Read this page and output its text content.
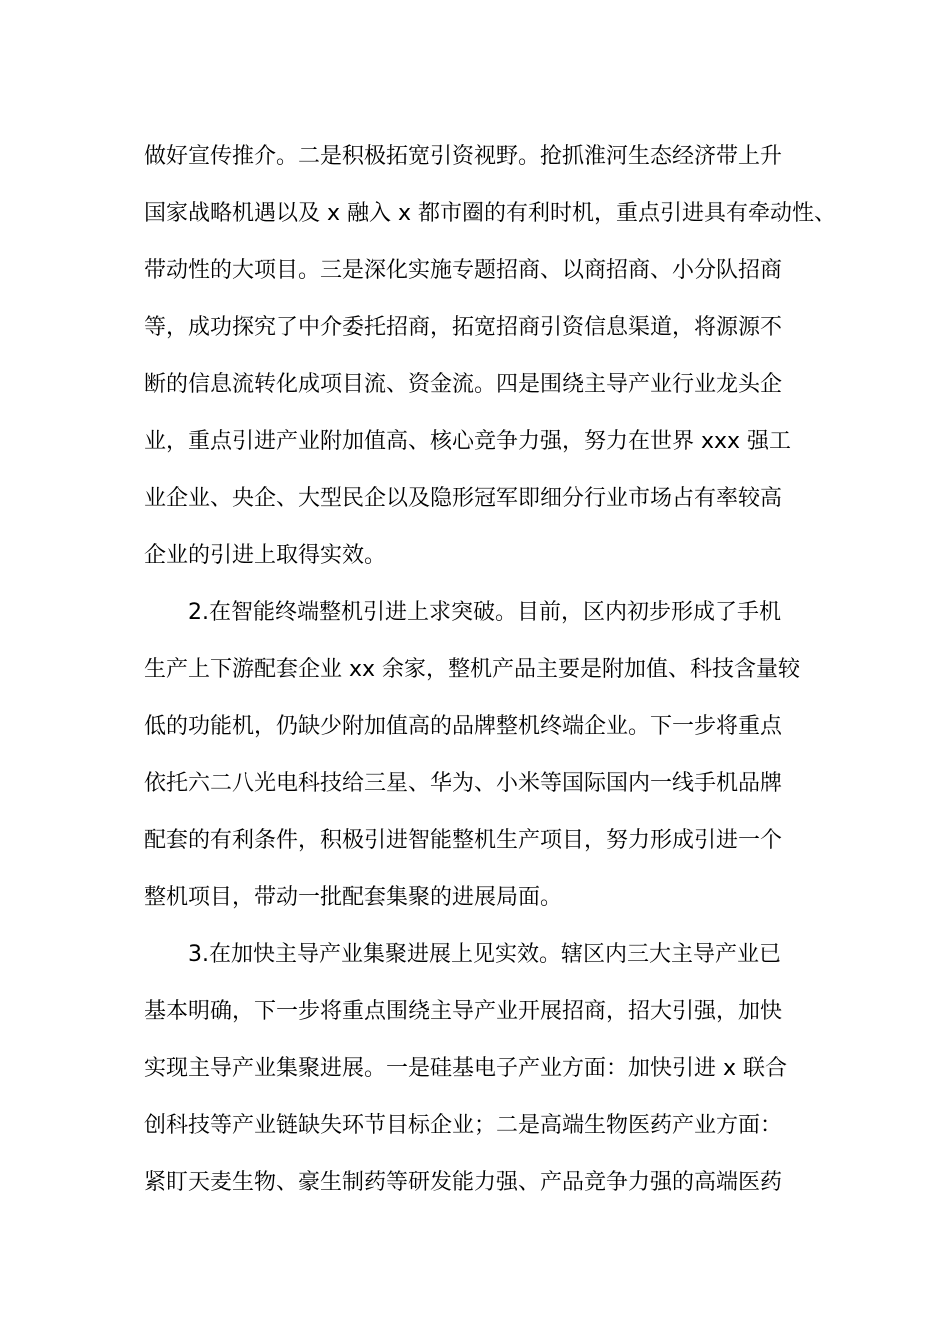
做好宣传推介。二是积极拓宽引资视野。抢抓淮河生态经济带上升
国家战略机遇以及 x 融入 x 都市圈的有利时机，重点引进具有牵动性、
带动性的大项目。三是深化实施专题招商、以商招商、小分队招商
等，成功探究了中介委托招商，拓宽招商引资信息渠道，将源源不
断的信息流转化成项目流、资金流。四是围绕主导产业行业龙头企
业，重点引进产业附加值高、核心竞争力强，努力在世界 xxx 强工
业企业、央企、大型民企以及隐形冠军即细分行业市场占有率较高
企业的引进上取得实效。
2.在智能终端整机引进上求突破。目前，区内初步形成了手机
生产上下游配套企业 xx 余家，整机产品主要是附加值、科技含量较
低的功能机，仍缺少附加值高的品牌整机终端企业。下一步将重点
依托六二八光电科技给三星、华为、小米等国际国内一线手机品牌
配套的有利条件，积极引进智能整机生产项目，努力形成引进一个
整机项目，带动一批配套集聚的进展局面。
3.在加快主导产业集聚进展上见实效。辖区内三大主导产业已
基本明确，下一步将重点围绕主导产业开展招商，招大引强，加快
实现主导产业集聚进展。一是硅基电子产业方面：加快引进 x 联合
创科技等产业链缺失环节目标企业；二是高端生物医药产业方面：
紧盯天麦生物、豪生制药等研发能力强、产品竞争力强的高端医药
